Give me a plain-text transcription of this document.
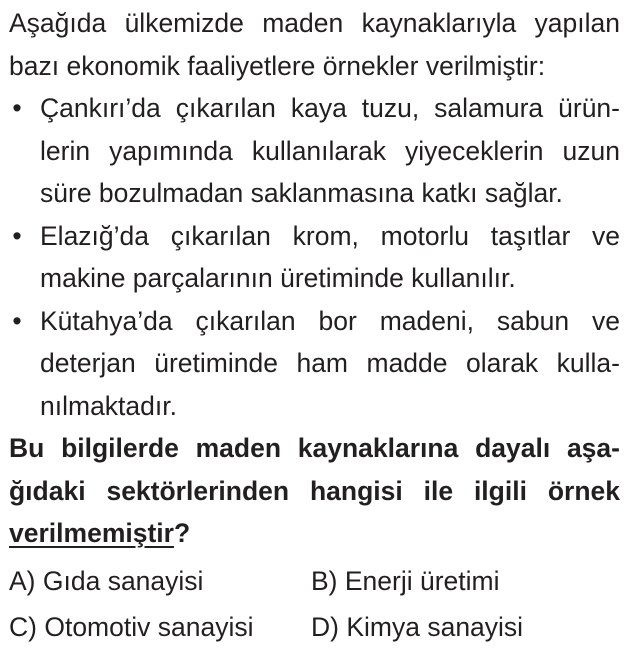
Aşağıda ülkemizde maden kaynaklarıyla yapılan
bazı ekonomik faaliyetlere örnekler verilmiştir:
• Çankırı’da çıkarılan kaya tuzu, salamura ürün-
lerin yapımında kullanılarak yiyeceklerin uzun
süre bozulmadan saklanmasına katkı sağlar.
• Elazığ’da çıkarılan krom, motorlu taşıtlar ve
makine parçalarının üretiminde kullanılır.
• Kütahya’da çıkarılan bor madeni, sabun ve
deterjan üretiminde ham madde olarak kulla-
nılmaktadır.
Bu bilgilerde maden kaynaklarına dayalı aşa-
ğıdaki sektörlerinden hangisi ile ilgili örnek
verilmemiştir?
A) Gıda sanayisi	B) Enerji üretimi
C) Otomotiv sanayisi	D) Kimya sanayisi
